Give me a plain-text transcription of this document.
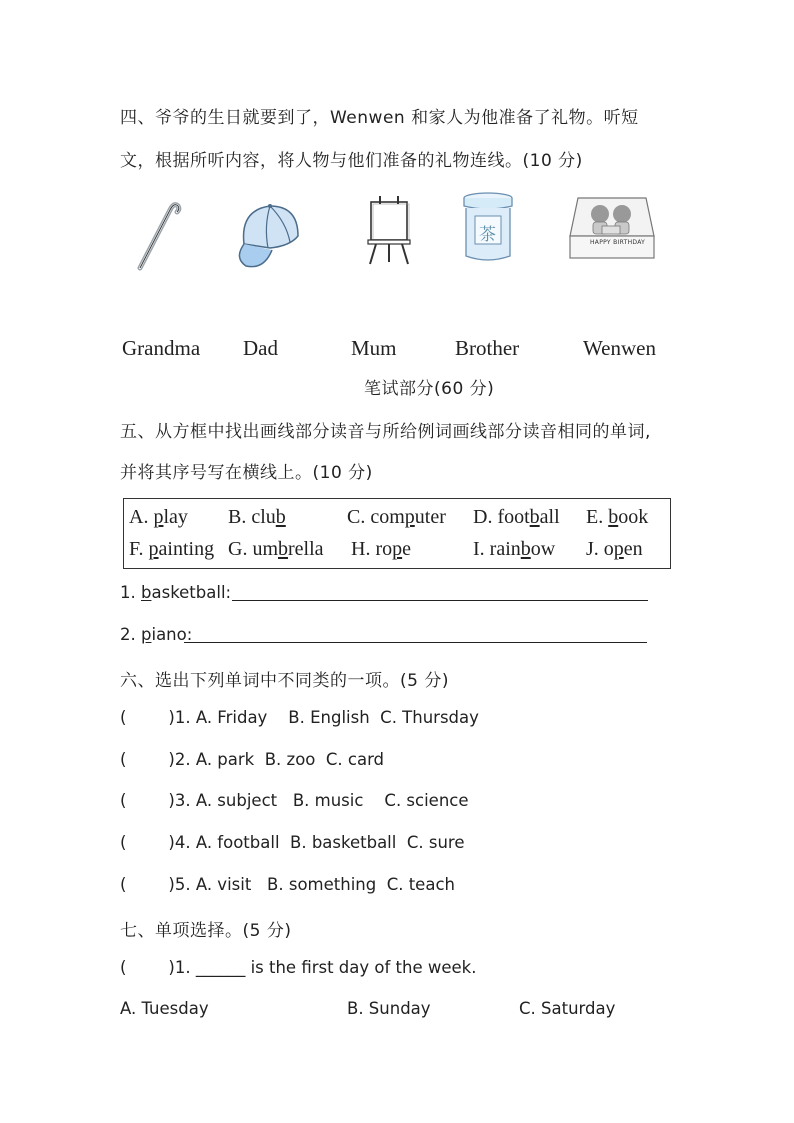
四、爷爷的生日就要到了，Wenwen 和家人为他准备了礼物。听短
文，根据所听内容，将人物与他们准备的礼物连线。(10 分)
茶	HAPPY BIRTHDAY
Grandma Dad	Mum	Brother	Wenwen
笔试部分(60 分)
五、从方框中找出画线部分读音与所给例词画线部分读音相同的单词,
并将其序号写在横线上。(10 分)
A. play B. club	C. computer D. football E. book
F. painting G. umbrella H. rope	I. rainbow J. open
1. basketball:
2. piano:
六、选出下列单词中不同类的一项。(5 分)
(        )1. A. Friday    B. English  C. Thursday
(        )2. A. park  B. zoo  C. card
(        )3. A. subject   B. music    C. science
(        )4. A. football  B. basketball  C. sure
(        )5. A. visit   B. something  C. teach
七、单项选择。(5 分)
(        )1. ______ is the first day of the week.
A. Tuesday	B. Sunday	C. Saturday
